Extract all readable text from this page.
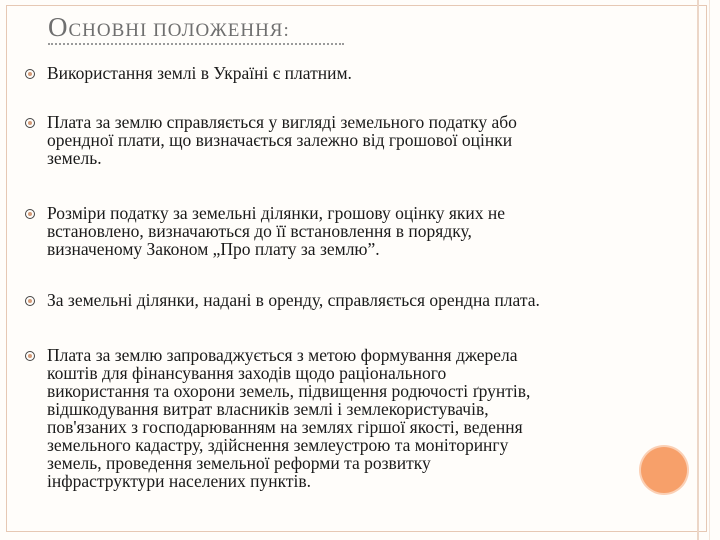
ОСНОВНІ ПОЛОЖЕННЯ:
Використання землі в Україні є платним.
Плата за землю справляється у вигляді земельного податку або
орендної плати, що визначається залежно від грошової оцінки
земель.
Розміри податку за земельні ділянки, грошову оцінку яких не
встановлено, визначаються до її встановлення в порядку,
визначеному Законом „Про плату за землю”.
За земельні ділянки, надані в оренду, справляється орендна плата.
Плата за землю запроваджується з метою формування джерела
коштів для фінансування заходів щодо раціонального
використання та охорони земель, підвищення родючості ґрунтів,
відшкодування витрат власників землі і землекористувачів,
пов'язаних з господарюванням на землях гіршої якості, ведення
земельного кадастру, здійснення землеустрою та моніторингу
земель, проведення земельної реформи та розвитку
інфраструктури населених пунктів.
